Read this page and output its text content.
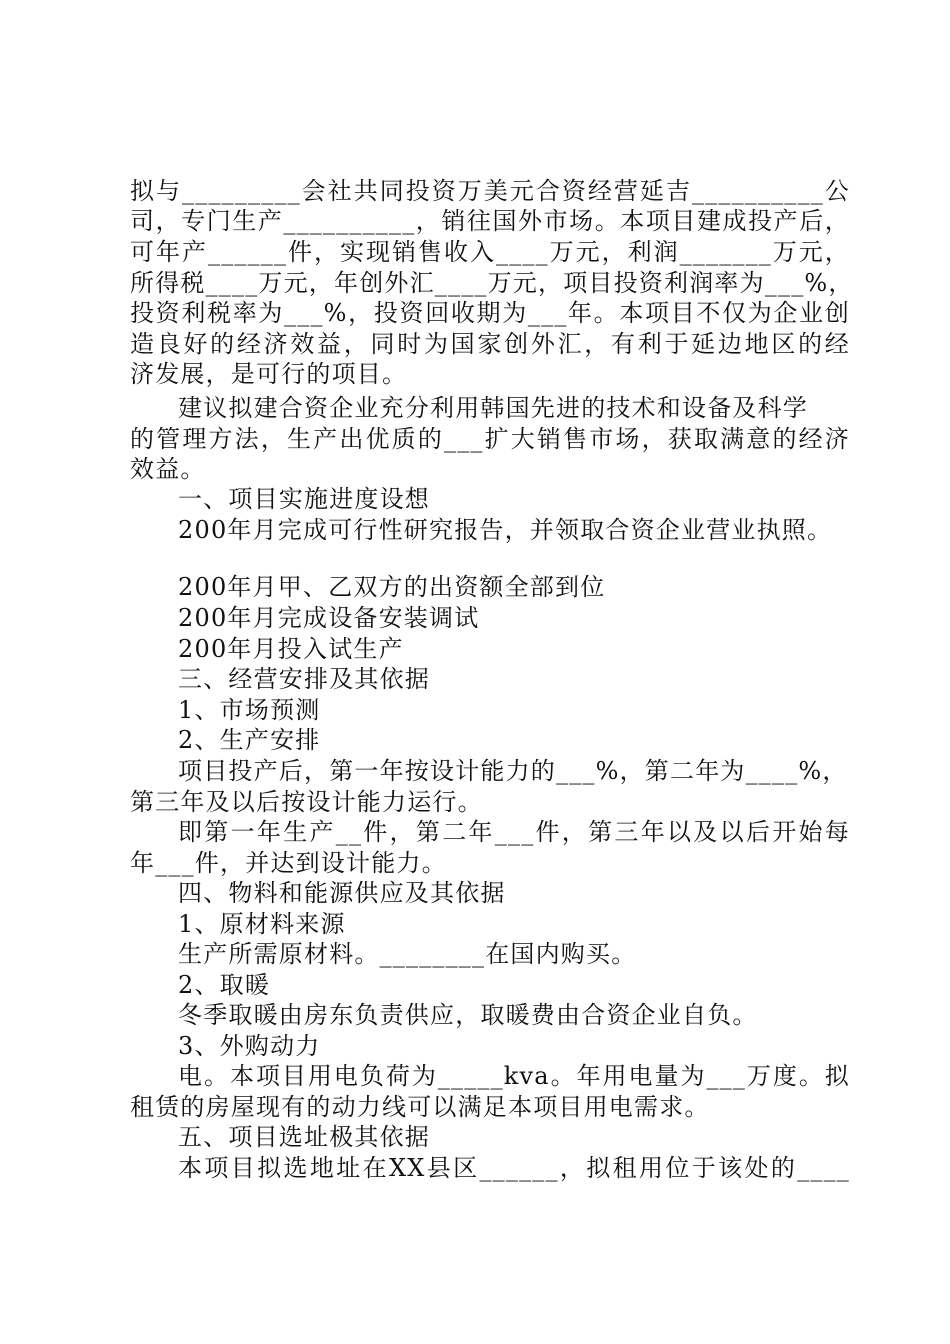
拟与_________会社共同投资万美元合资经营延吉__________公
司，专门生产__________，销往国外市场。本项目建成投产后，
可年产______件，实现销售收入____万元，利润_______万元，
所得税____万元，年创外汇____万元，项目投资利润率为___%，
投资利税率为___%，投资回收期为___年。本项目不仅为企业创
造良好的经济效益，同时为国家创外汇，有利于延边地区的经
济发展，是可行的项目。
建议拟建合资企业充分利用韩国先进的技术和设备及科学
的管理方法，生产出优质的___扩大销售市场，获取满意的经济
效益。
一、项目实施进度设想
200年月完成可行性研究报告，并领取合资企业营业执照。
200年月甲、乙双方的出资额全部到位
200年月完成设备安装调试
200年月投入试生产
三、经营安排及其依据
1、市场预测
2、生产安排
项目投产后，第一年按设计能力的___%，第二年为____%，
第三年及以后按设计能力运行。
即第一年生产__件，第二年___件，第三年以及以后开始每
年___件，并达到设计能力。
四、物料和能源供应及其依据
1、原材料来源
生产所需原材料。________在国内购买。
2、取暖
冬季取暖由房东负责供应，取暖费由合资企业自负。
3、外购动力
电。本项目用电负荷为_____kva。年用电量为___万度。拟
租赁的房屋现有的动力线可以满足本项目用电需求。
五、项目选址极其依据
本项目拟选地址在XX县区______，拟租用位于该处的____
